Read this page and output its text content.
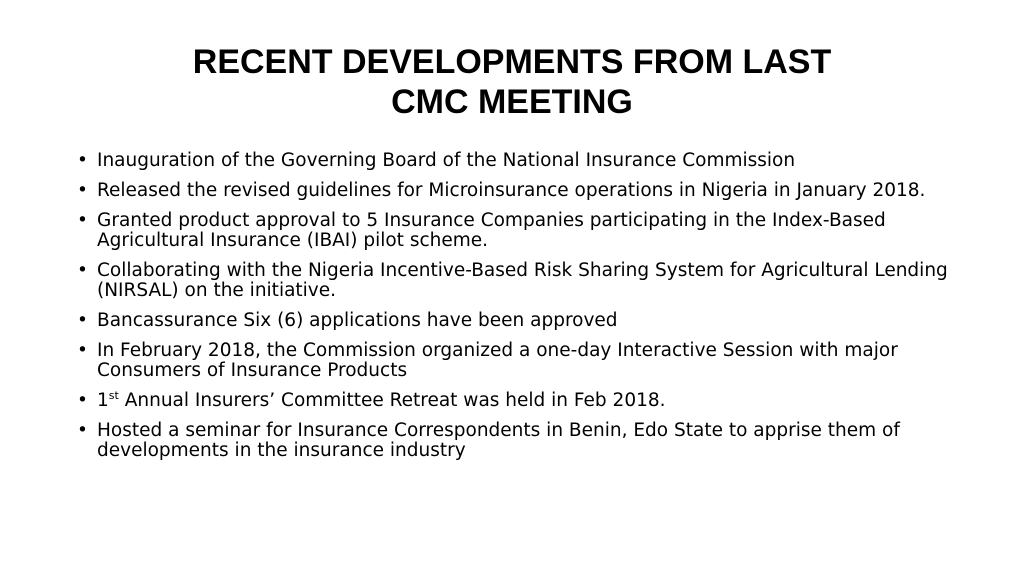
RECENT DEVELOPMENTS FROM LAST
CMC MEETING
• Inauguration of the Governing Board of the National Insurance Commission
• Released the revised guidelines for Microinsurance operations in Nigeria in January 2018.
• Granted product approval to 5 Insurance Companies participating in the Index-Based Agricultural Insurance (IBAI) pilot scheme.
• Collaborating with the Nigeria Incentive-Based Risk Sharing System for Agricultural Lending (NIRSAL) on the initiative.
• Bancassurance Six (6) applications have been approved
• In February 2018, the Commission organized a one-day Interactive Session with major Consumers of Insurance Products
• 1st Annual Insurers’ Committee Retreat was held in Feb 2018.
• Hosted a seminar for Insurance Correspondents in Benin, Edo State to apprise them of developments in the insurance industry
